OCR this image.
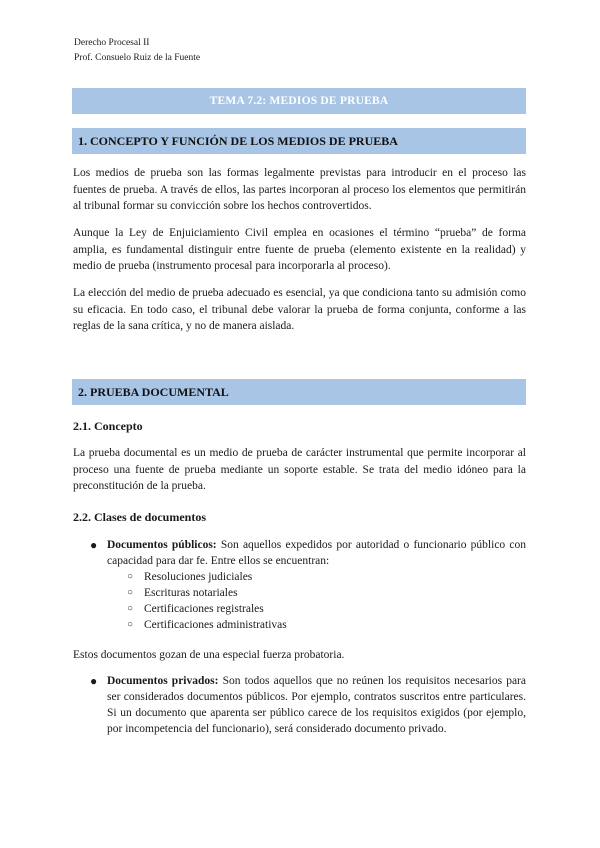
Derecho Procesal II
Prof. Consuelo Ruiz de la Fuente
TEMA 7.2: MEDIOS DE PRUEBA
1. CONCEPTO Y FUNCIÓN DE LOS MEDIOS DE PRUEBA
Los medios de prueba son las formas legalmente previstas para introducir en el proceso las fuentes de prueba. A través de ellos, las partes incorporan al proceso los elementos que permitirán al tribunal formar su convicción sobre los hechos controvertidos.
Aunque la Ley de Enjuiciamiento Civil emplea en ocasiones el término “prueba” de forma amplia, es fundamental distinguir entre fuente de prueba (elemento existente en la realidad) y medio de prueba (instrumento procesal para incorporarla al proceso).
La elección del medio de prueba adecuado es esencial, ya que condiciona tanto su admisión como su eficacia. En todo caso, el tribunal debe valorar la prueba de forma conjunta, conforme a las reglas de la sana crítica, y no de manera aislada.
2. PRUEBA DOCUMENTAL
2.1. Concepto
La prueba documental es un medio de prueba de carácter instrumental que permite incorporar al proceso una fuente de prueba mediante un soporte estable. Se trata del medio idóneo para la preconstitución de la prueba.
2.2. Clases de documentos
● Documentos públicos: Son aquellos expedidos por autoridad o funcionario público con capacidad para dar fe. Entre ellos se encuentran:
○ Resoluciones judiciales
○ Escrituras notariales
○ Certificaciones registrales
○ Certificaciones administrativas
Estos documentos gozan de una especial fuerza probatoria.
● Documentos privados: Son todos aquellos que no reúnen los requisitos necesarios para ser considerados documentos públicos. Por ejemplo, contratos suscritos entre particulares. Si un documento que aparenta ser público carece de los requisitos exigidos (por ejemplo, por incompetencia del funcionario), será considerado documento privado.
